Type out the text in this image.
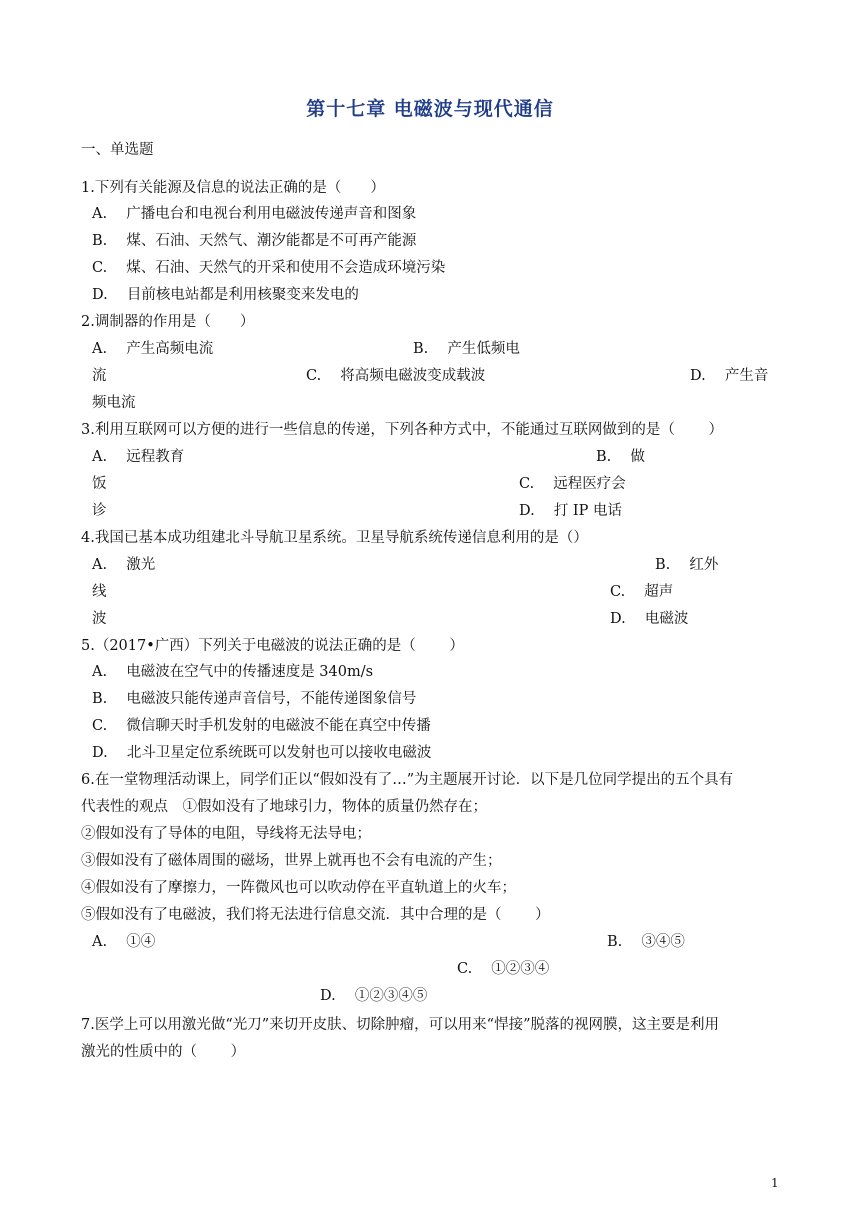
第十七章 电磁波与现代通信
一、单选题
1.下列有关能源及信息的说法正确的是（　　）
A.　 广播电台和电视台利用电磁波传递声音和图象
B.　 煤、石油、天然气、潮汐能都是不可再产能源
C.　 煤、石油、天然气的开采和使用不会造成环境污染
D.　 目前核电站都是利用核聚变来发电的
2.调制器的作用是（　　）
A.　 产生高频电流	B.　 产生低频电
流	C.　 将高频电磁波变成载波	D.　 产生音
频电流
3.利用互联网可以方便的进行一些信息的传递，下列各种方式中，不能通过互联网做到的是（　　 ）
A.　 远程教育	B.　 做
饭	C.　 远程医疗会
诊	D.　 打 IP 电话
4.我国已基本成功组建北斗导航卫星系统。卫星导航系统传递信息利用的是（）
A.　 激光	B.　 红外
线	C.　 超声
波	D.　 电磁波
5.（2017•广西）下列关于电磁波的说法正确的是（　　 ）
A.　 电磁波在空气中的传播速度是 340m/s
B.　 电磁波只能传递声音信号，不能传递图象信号
C.　 微信聊天时手机发射的电磁波不能在真空中传播
D.　 北斗卫星定位系统既可以发射也可以接收电磁波
6.在一堂物理活动课上，同学们正以“假如没有了…”为主题展开讨论．以下是几位同学提出的五个具有
代表性的观点　①假如没有了地球引力，物体的质量仍然存在；
②假如没有了导体的电阻，导线将无法导电；
③假如没有了磁体周围的磁场，世界上就再也不会有电流的产生；
④假如没有了摩擦力，一阵微风也可以吹动停在平直轨道上的火车；
⑤假如没有了电磁波，我们将无法进行信息交流．其中合理的是（　　 ）
A.　 ①④	B.　 ③④⑤
C.　 ①②③④
D.　 ①②③④⑤
7.医学上可以用激光做“光刀”来切开皮肤、切除肿瘤，可以用来“悍接”脱落的视网膜，这主要是利用
激光的性质中的（　　 ）
1
